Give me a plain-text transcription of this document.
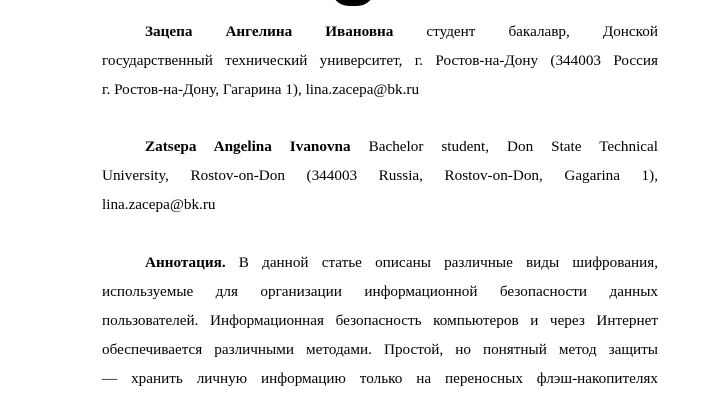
Зацепа Ангелина Ивановна студент бакалавр, Донской
государственный технический университет, г. Ростов-на-Дону (344003 Россия
г. Ростов-на-Дону, Гагарина 1), lina.zacepa@bk.ru
Zatsepa Angelina Ivanovna Bachelor student, Don State Technical
University, Rostov-on-Don (344003 Russia, Rostov-on-Don, Gagarina 1),
lina.zacepa@bk.ru
Аннотация. В данной статье описаны различные виды шифрования,
используемые для организации информационной безопасности данных
пользователей. Информационная безопасность компьютеров и через Интернет
обеспечивается различными методами. Простой, но понятный метод защиты
— хранить личную информацию только на переносных флэш-накопителях
